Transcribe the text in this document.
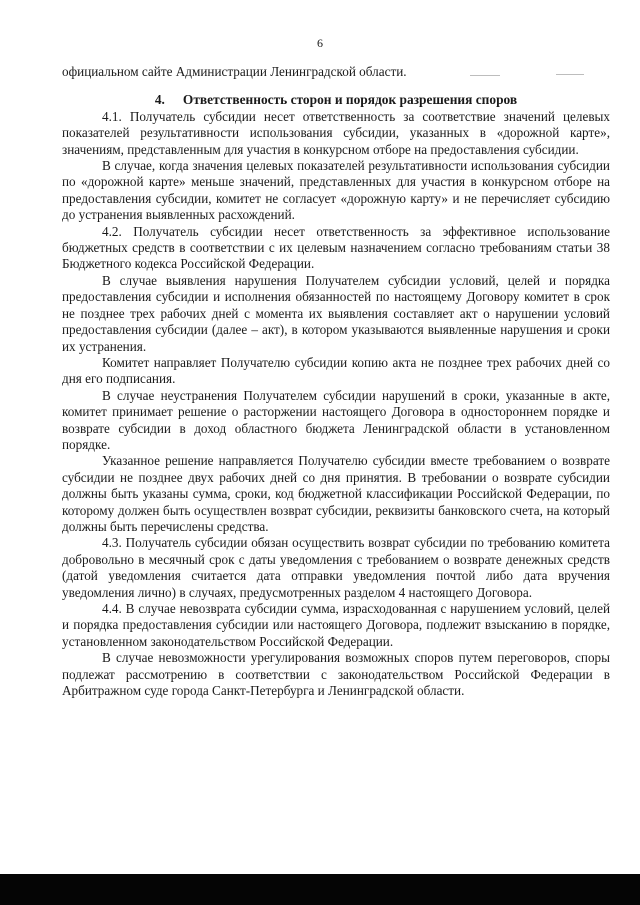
6

официальном сайте Администрации Ленинградской области.

4. Ответственность сторон и порядок разрешения споров

4.1. Получатель субсидии несет ответственность за соответствие значений целевых показателей результативности использования субсидии, указанных в «дорожной карте», значениям, представленным для участия в конкурсном отборе на предоставления субсидии.

В случае, когда значения целевых показателей результативности использования субсидии по «дорожной карте» меньше значений, представленных для участия в конкурсном отборе на предоставления субсидии, комитет не согласует «дорожную карту» и не перечисляет субсидию до устранения выявленных расхождений.

4.2. Получатель субсидии несет ответственность за эффективное использование бюджетных средств в соответствии с их целевым назначением согласно требованиям статьи 38 Бюджетного кодекса Российской Федерации.

В случае выявления нарушения Получателем субсидии условий, целей и порядка предоставления субсидии и исполнения обязанностей по настоящему Договору комитет в срок не позднее трех рабочих дней с момента их выявления составляет акт о нарушении условий предоставления субсидии (далее – акт), в котором указываются выявленные нарушения и сроки их устранения.

Комитет направляет Получателю субсидии копию акта не позднее трех рабочих дней со дня его подписания.

В случае неустранения Получателем субсидии нарушений в сроки, указанные в акте, комитет принимает решение о расторжении настоящего Договора в одностороннем порядке и возврате субсидии в доход областного бюджета Ленинградской области в установленном порядке.

Указанное решение направляется Получателю субсидии вместе требованием о возврате субсидии не позднее двух рабочих дней со дня принятия. В требовании о возврате субсидии должны быть указаны сумма, сроки, код бюджетной классификации Российской Федерации, по которому должен быть осуществлен возврат субсидии, реквизиты банковского счета, на который должны быть перечислены средства.

4.3. Получатель субсидии обязан осуществить возврат субсидии по требованию комитета добровольно в месячный срок с даты уведомления с требованием о возврате денежных средств (датой уведомления считается дата отправки уведомления почтой либо дата вручения уведомления лично) в случаях, предусмотренных разделом 4 настоящего Договора.

4.4. В случае невозврата субсидии сумма, израсходованная с нарушением условий, целей и порядка предоставления субсидии или настоящего Договора, подлежит взысканию в порядке, установленном законодательством Российской Федерации.

В случае невозможности урегулирования возможных споров путем переговоров, споры подлежат рассмотрению в соответствии с законодательством Российской Федерации в Арбитражном суде города Санкт-Петербурга и Ленинградской области.
